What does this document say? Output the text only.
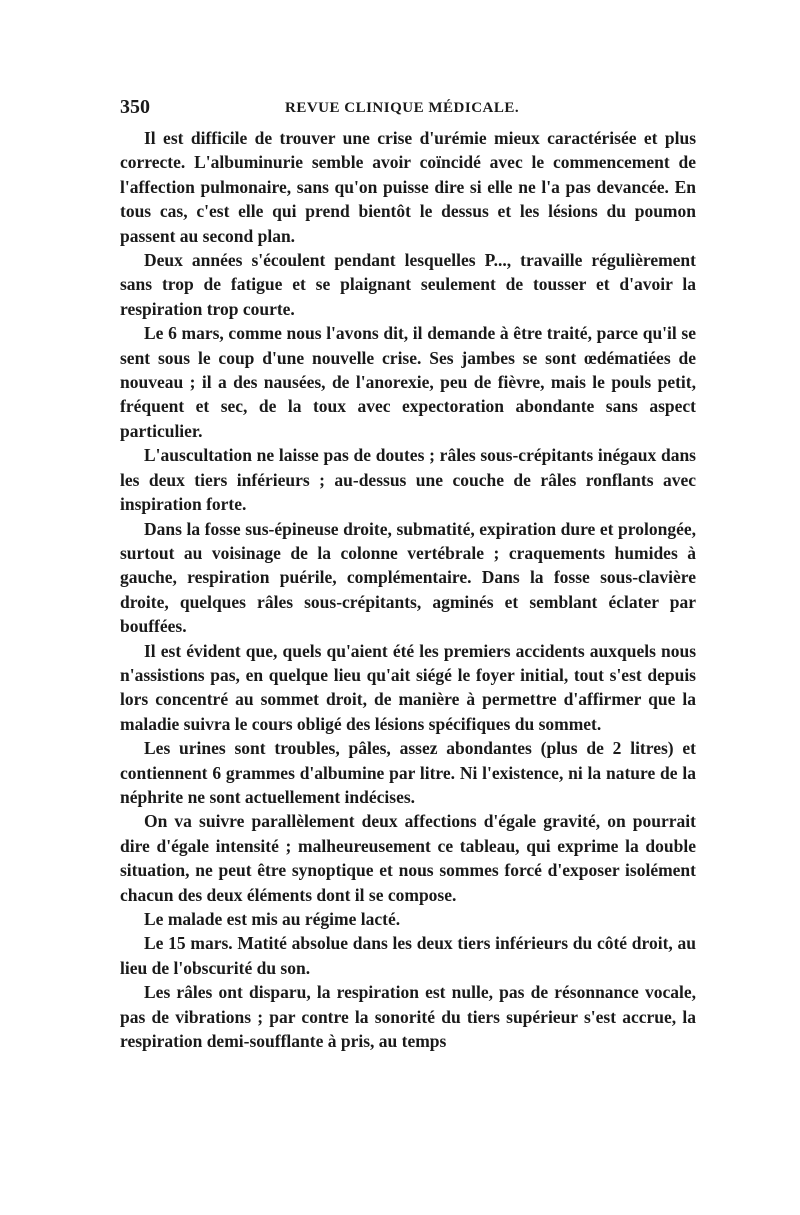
350	REVUE CLINIQUE MÉDICALE.

Il est difficile de trouver une crise d'urémie mieux caractérisée et plus correcte. L'albuminurie semble avoir coïncidé avec le commencement de l'affection pulmonaire, sans qu'on puisse dire si elle ne l'a pas devancée. En tous cas, c'est elle qui prend bientôt le dessus et les lésions du poumon passent au second plan.

Deux années s'écoulent pendant lesquelles P..., travaille régulièrement sans trop de fatigue et se plaignant seulement de tousser et d'avoir la respiration trop courte.

Le 6 mars, comme nous l'avons dit, il demande à être traité, parce qu'il se sent sous le coup d'une nouvelle crise. Ses jambes se sont œdématiées de nouveau ; il a des nausées, de l'anorexie, peu de fièvre, mais le pouls petit, fréquent et sec, de la toux avec expectoration abondante sans aspect particulier.

L'auscultation ne laisse pas de doutes ; râles sous-crépitants inégaux dans les deux tiers inférieurs ; au-dessus une couche de râles ronflants avec inspiration forte.

Dans la fosse sus-épineuse droite, submatité, expiration dure et prolongée, surtout au voisinage de la colonne vertébrale ; craquements humides à gauche, respiration puérile, complémentaire. Dans la fosse sous-clavière droite, quelques râles sous-crépitants, agminés et semblant éclater par bouffées.

Il est évident que, quels qu'aient été les premiers accidents auxquels nous n'assistions pas, en quelque lieu qu'ait siégé le foyer initial, tout s'est depuis lors concentré au sommet droit, de manière à permettre d'affirmer que la maladie suivra le cours obligé des lésions spécifiques du sommet.

Les urines sont troubles, pâles, assez abondantes (plus de 2 litres) et contiennent 6 grammes d'albumine par litre. Ni l'existence, ni la nature de la néphrite ne sont actuellement indécises.

On va suivre parallèlement deux affections d'égale gravité, on pourrait dire d'égale intensité ; malheureusement ce tableau, qui exprime la double situation, ne peut être synoptique et nous sommes forcé d'exposer isolément chacun des deux éléments dont il se compose.

Le malade est mis au régime lacté.

Le 15 mars. Matité absolue dans les deux tiers inférieurs du côté droit, au lieu de l'obscurité du son.

Les râles ont disparu, la respiration est nulle, pas de résonnance vocale, pas de vibrations ; par contre la sonorité du tiers supérieur s'est accrue, la respiration demi-soufflante à pris, au temps
